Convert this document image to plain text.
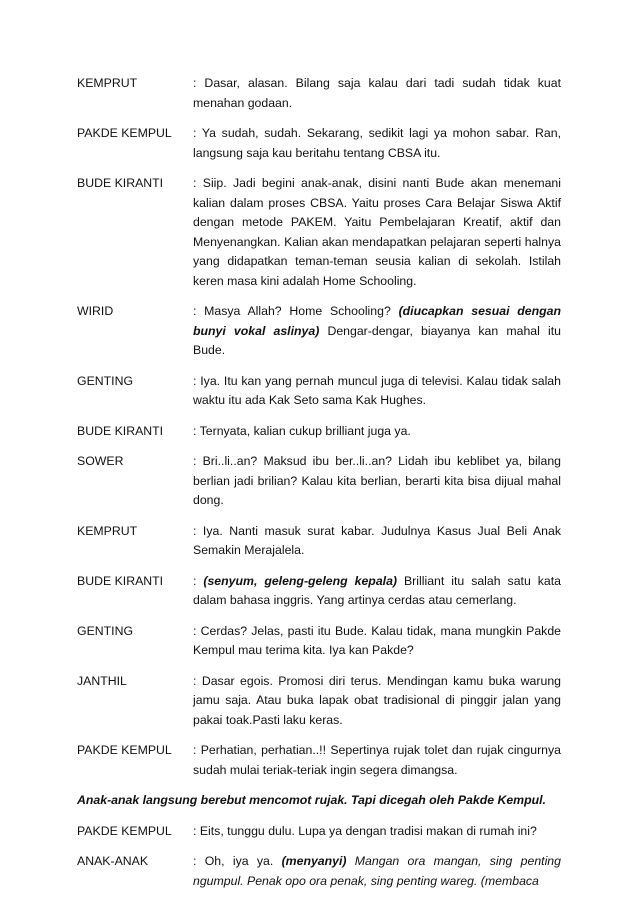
KEMPRUT	: Dasar, alasan. Bilang saja kalau dari tadi sudah tidak kuat menahan godaan.
PAKDE KEMPUL	: Ya sudah, sudah. Sekarang, sedikit lagi ya mohon sabar. Ran, langsung saja kau beritahu tentang CBSA itu.
BUDE KIRANTI	: Siip. Jadi begini anak-anak, disini nanti Bude akan menemani kalian dalam proses CBSA. Yaitu proses Cara Belajar Siswa Aktif dengan metode PAKEM. Yaitu Pembelajaran Kreatif, aktif dan Menyenangkan. Kalian akan mendapatkan pelajaran seperti halnya yang didapatkan teman-teman seusia kalian di sekolah. Istilah keren masa kini adalah Home Schooling.
WIRID	: Masya Allah? Home Schooling? (diucapkan sesuai dengan bunyi vokal aslinya) Dengar-dengar, biayanya kan mahal itu Bude.
GENTING	: Iya. Itu kan yang pernah muncul juga di televisi. Kalau tidak salah waktu itu ada Kak Seto sama Kak Hughes.
BUDE KIRANTI	: Ternyata, kalian cukup brilliant juga ya.
SOWER	: Bri..li..an? Maksud ibu ber..li..an? Lidah ibu keblibet ya, bilang berlian jadi brilian? Kalau kita berlian, berarti kita bisa dijual mahal dong.
KEMPRUT	: Iya. Nanti masuk surat kabar. Judulnya Kasus Jual Beli Anak Semakin Merajalela.
BUDE KIRANTI	: (senyum, geleng-geleng kepala) Brilliant itu salah satu kata dalam bahasa inggris. Yang artinya cerdas atau cemerlang.
GENTING	: Cerdas? Jelas, pasti itu Bude. Kalau tidak, mana mungkin Pakde Kempul mau terima kita. Iya kan Pakde?
JANTHIL	: Dasar egois. Promosi diri terus. Mendingan kamu buka warung jamu saja. Atau buka lapak obat tradisional di pinggir jalan yang pakai toak.Pasti laku keras.
PAKDE KEMPUL	: Perhatian, perhatian..!! Sepertinya rujak tolet dan rujak cingurnya sudah mulai teriak-teriak ingin segera dimangsa.
Anak-anak langsung berebut mencomot rujak. Tapi dicegah oleh Pakde Kempul.
PAKDE KEMPUL	: Eits, tunggu dulu. Lupa ya dengan tradisi makan di rumah ini?
ANAK-ANAK	: Oh, iya ya. (menyanyi) Mangan ora mangan, sing penting ngumpul. Penak opo ora penak, sing penting wareg. (membaca
